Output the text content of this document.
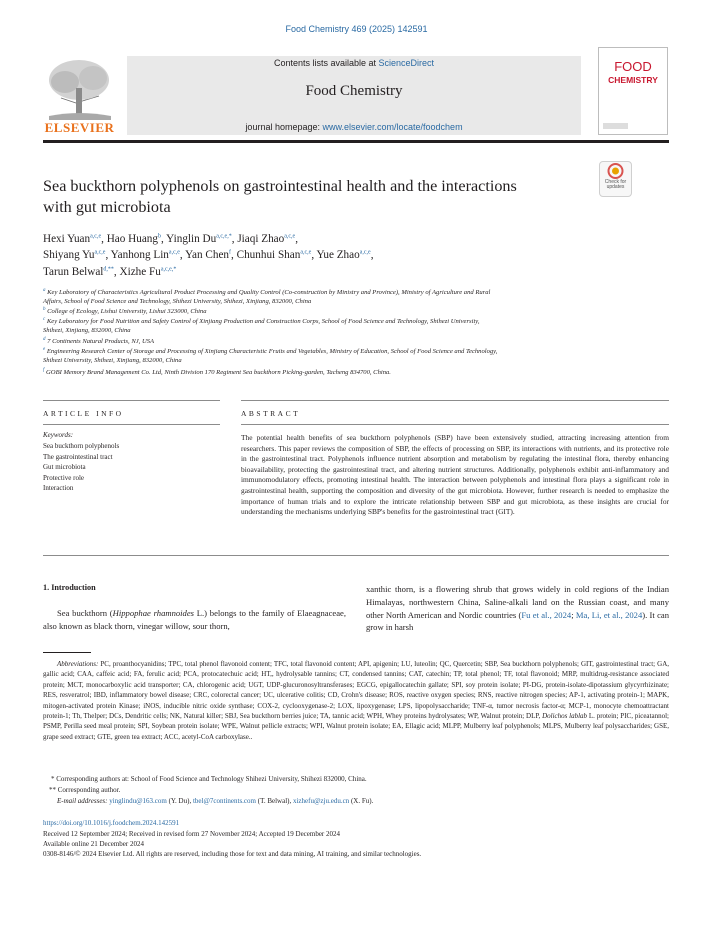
Food Chemistry 469 (2025) 142591
ELSEVIER
Contents lists available at ScienceDirect
Food Chemistry
journal homepage: www.elsevier.com/locate/foodchem
FOOD
CHEMISTRY
Check for updates
Sea buckthorn polyphenols on gastrointestinal health and the interactions
with gut microbiota
Hexi Yuan$^{a,c,e}$, Hao Huang$^b$, Yinglin $Du^{a,c,e,*}$, Jiaqi Zhao$^{a,c,e}$,
Shiyang Yu$^{a,c,e}$, Yanhong Lin$^{a,c,e}$, Yan Chen$^f$, Chunhui Shan$^{a,c,e}$, Yue Zhao$^{a,c,e}$,
Tarun Belwal$^{d,**}$, Xizhe $Fu^{a,c,e,*}$
$^a$ Key Laboratory of Characteristics Agricultural Product Processing and Quality Control (Co-construction by Ministry and Province), Ministry of Agriculture and Rural
Affairs, School of Food Science and Technology, Shihezi University, Shihezi, Xinjiang, 832000, China
$^b$ College of Ecology, Lishui University, Lishui 323000, China
$^c$ Key Laboratory for Food Nutrition and Safety Control of Xinjiang Production and Construction Corps, School of Food Science and Technology, Shihezi University,
Shihezi, Xinjiang, 832000, China
$^d$ 7 Continents Natural Products, NJ, USA
$^e$ Engineering Research Center of Storage and Processing of Xinjiang Characteristic Fruits and Vegetables, Ministry of Education, School of Food Science and Technology,
Shihezi University, Shihezi, Xinjiang, 832000, China
$^f$ GOBI Memory Brand Management Co. Ltd, Ninth Division 170 Regiment Sea buckthorn Picking-garden, Tacheng 834700, China.
ARTICLE INFO	ABSTRACT
Keywords:
Sea buckthorn polyphenols
The gastrointestinal tract
Gut microbiota
Protective role
Interaction
The potential health benefits of sea buckthorn polyphenols (SBP) have been extensively studied, attracting increasing attention from researchers. This paper reviews the composition of SBP, the effects of processing on SBP, its interactions with nutrients, and its protective role in the gastrointestinal tract. Polyphenols influence nutrient absorption and metabolism by regulating the intestinal flora, thereby enhancing bioavailability, protecting the gastrointestinal tract, and altering nutrient structures. Additionally, polyphenols exhibit anti-inflammatory and immunomodulatory effects, promoting intestinal health. The interaction between polyphenols and intestinal flora plays a significant role in gastrointestinal health, supporting the composition and diversity of the gut microbiota. However, further research is needed to emphasize the importance of human trials and to explore the intricate relationship between SBP and gut microbiota, as these insights are crucial for understanding the mechanisms underlying SBP's benefits for the gastrointestinal tract (GIT).
1. Introduction
Sea buckthorn (Hippophae rhamnoides L.) belongs to the family of Elaeagnaceae, also known as black thorn, vinegar willow, sour thorn,
xanthic thorn, is a flowering shrub that grows widely in cold regions of the Indian Himalayas, northwestern China, Saline-alkali land on the Russian coast, and many other North American and Nordic countries (Fu et al., 2024; Ma, Li, et al., 2024). It can grow in harsh
Abbreviations: PC, proanthocyanidins; TPC, total phenol flavonoid content; TFC, total flavonoid content; API, apigenin; LU, luteolin; QC, Quercetin; SBP, Sea buckthorn polyphenols; GIT, gastrointestinal tract; GA, gallic acid; CAA, caffeic acid; FA, ferulic acid; PCA, protocatechuic acid; HT,, hydrolysable tannins; CT, condensed tannins; CAT, catechin; TP, total phenol; TF, total flavonoid; MRP, multidrug-resistance associated protein; MCT, monocarboxylic acid transporter; CA, chlorogenic acid; UGT, UDP-glucuronosyltransferases; EGCG, epigallocatechin gallate; SPI, soy protein isolate; PI-DG, protein-isolate-dipotassium glycyrrhizinate; RES, resveratrol; IBD, inflammatory bowel disease; CRC, colorectal cancer; UC, ulcerative colitis; CD, Crohn's disease; ROS, reactive oxygen species; RNS, reactive nitrogen species; AP-1, activating protein-1; MAPK, mitogen-activated protein Kinase; iNOS, inducible nitric oxide synthase; COX-2, cyclooxygenase-2; LOX, lipoxygenase; LPS, lipopolysaccharide; TNF-α, tumor necrosis factor-α; MCP-1, monocyte chemoattractant protein-1; Th, Thelper; DCs, Dendritic cells; NK, Natural killer; SBJ, Sea buckthorn berries juice; TA, tannic acid; WPH, Whey proteins hydrolysates; WP, Walnut protein; DLP, Dolichos lablab L. protein; PIC, piceatannol; PSMP, Perilla seed meal protein; SPI, Soybean protein isolate; WPE, Walnut pellicle extracts; WPI, Walnut protein isolate; EA, Ellagic acid; MLPP, Mulberry leaf polyphenols; MLPS, Mulberry leaf polysaccharides; GSE, grape seed extract; GTE, green tea extract; ACC, acetyl-CoA carboxylase..
* Corresponding authors at: School of Food Science and Technology Shihezi University, Shihezi 832000, China.
** Corresponding author.
E-mail addresses: yinglindu@163.com (Y. Du), tbel@7continents.com (T. Belwal), xizhefu@zju.edu.cn (X. Fu).
https://doi.org/10.1016/j.foodchem.2024.142591
Received 12 September 2024; Received in revised form 27 November 2024; Accepted 19 December 2024
Available online 21 December 2024
0308-8146/© 2024 Elsevier Ltd. All rights are reserved, including those for text and data mining, AI training, and similar technologies.
